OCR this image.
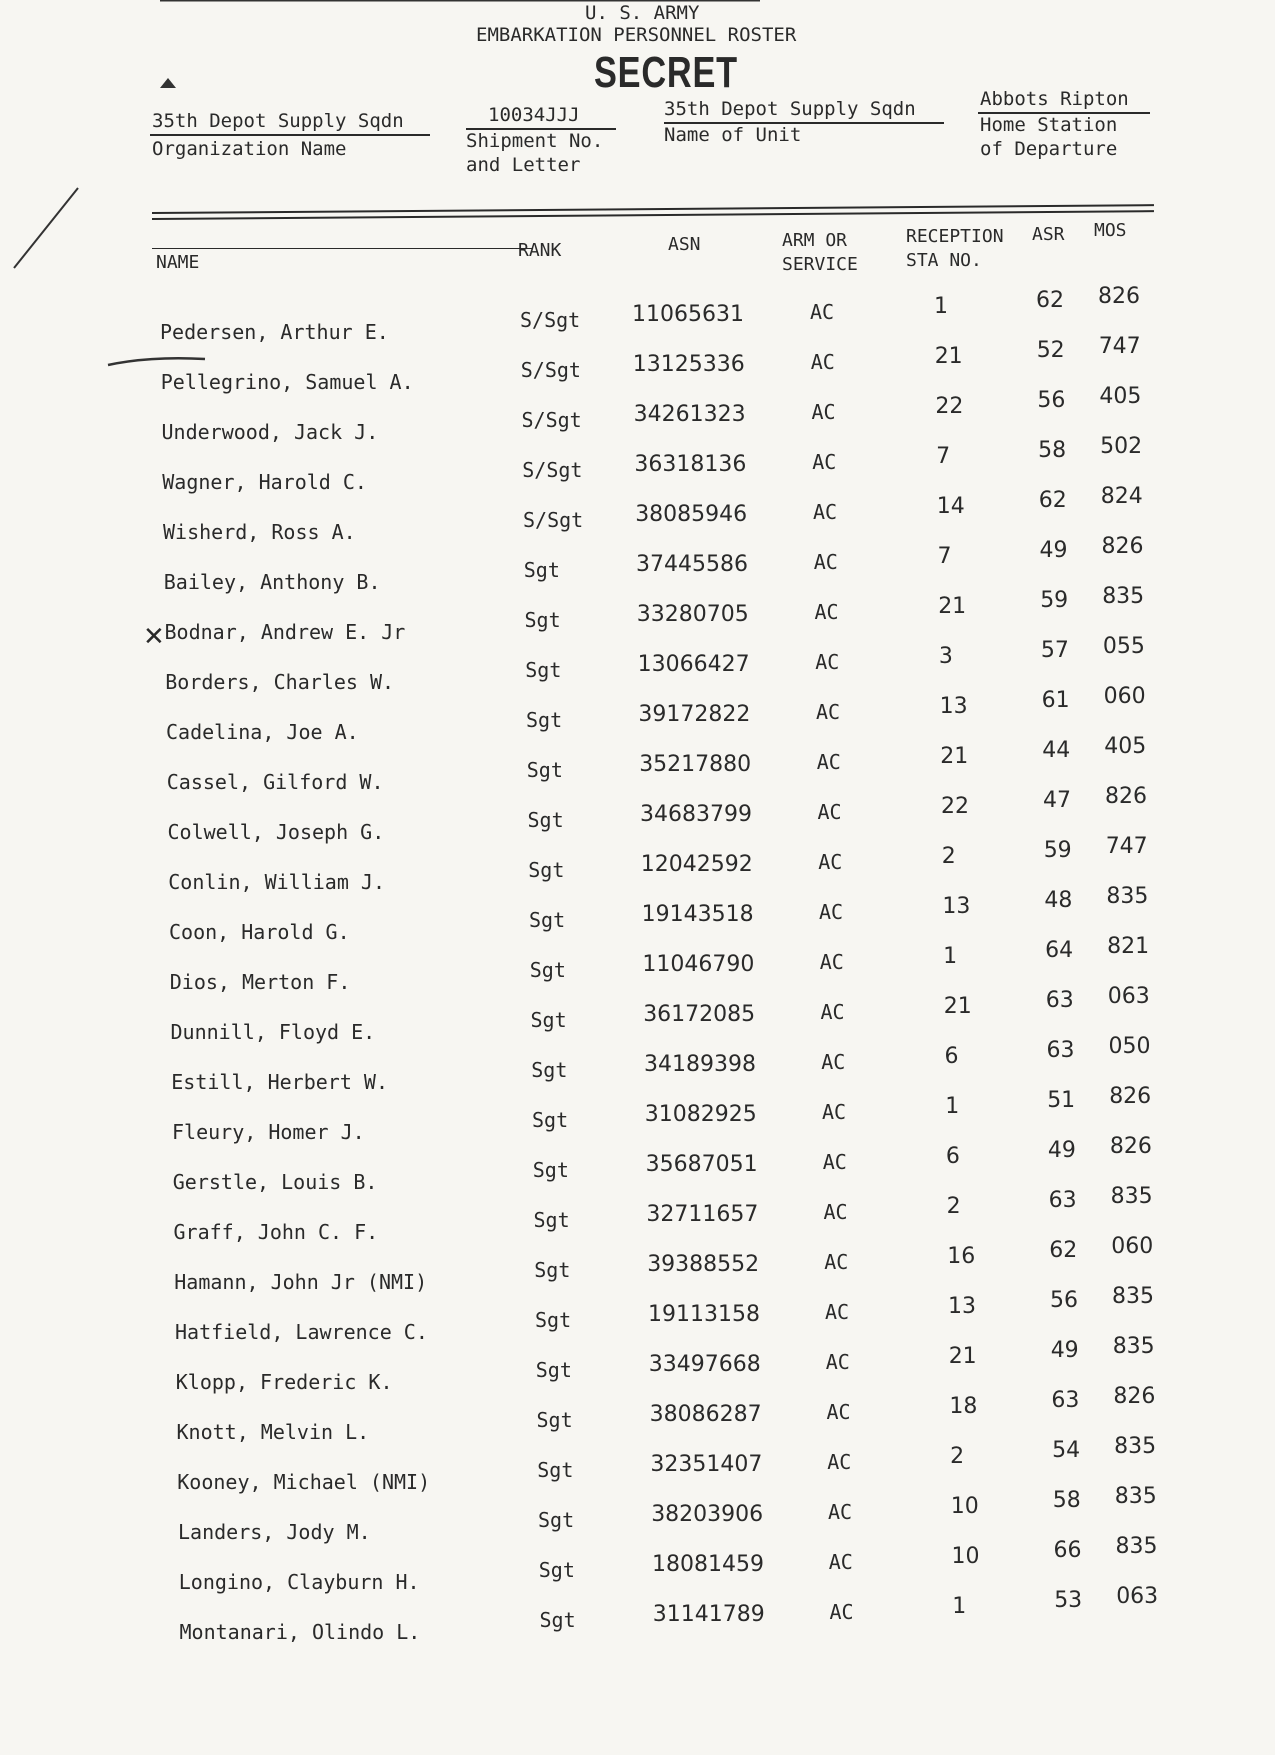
U. S. ARMY
EMBARKATION PERSONNEL ROSTER
SECRET
35th Depot Supply Sqdn
Organization Name
10034JJJ
Shipment No.
and Letter
35th Depot Supply Sqdn
Name of Unit
Abbots Ripton
Home Station
of Departure
NAME
RANK	ASN	ARM OR
SERVICE
RECEPTION
STA NO.
ASR MOS
✕
Pedersen, Arthur E.	S/Sgt 11065631	AC	1	62 826
Pellegrino, Samuel A.	S/Sgt 13125336	AC	21	52 747
Underwood, Jack J.	S/Sgt 34261323	AC	22	56 405
Wagner, Harold C.	S/Sgt 36318136	AC	7	58 502
Wisherd, Ross A.	S/Sgt 38085946	AC	14	62 824
Bailey, Anthony B.	Sgt	37445586	AC	7	49 826
Bodnar, Andrew E. Jr	Sgt	33280705	AC	21	59 835
Borders, Charles W.	Sgt	13066427	AC	3	57 055
Cadelina, Joe A.	Sgt	39172822	AC	13	61 060
Cassel, Gilford W.	Sgt	35217880	AC	21	44 405
Colwell, Joseph G.	Sgt	34683799	AC	22	47 826
Conlin, William J.	Sgt	12042592	AC	2	59 747
Coon, Harold G.	Sgt	19143518	AC	13	48 835
Dios, Merton F.	Sgt	11046790	AC	1	64 821
Dunnill, Floyd E.	Sgt	36172085	AC	21	63 063
Estill, Herbert W.	Sgt	34189398	AC	6	63 050
Fleury, Homer J.	Sgt	31082925	AC	1	51 826
Gerstle, Louis B.	Sgt	35687051	AC	6	49 826
Graff, John C. F.	Sgt	32711657	AC	2	63 835
Hamann, John Jr (NMI)	Sgt	39388552	AC	16	62 060
Hatfield, Lawrence C.	Sgt	19113158	AC	13	56 835
Klopp, Frederic K.	Sgt	33497668	AC	21	49 835
Knott, Melvin L.	Sgt	38086287	AC	18	63 826
Kooney, Michael (NMI)	Sgt	32351407	AC	2	54 835
Landers, Jody M.	Sgt	38203906	AC	10	58 835
Longino, Clayburn H.	Sgt	18081459	AC	10	66 835
Montanari, Olindo L.	Sgt	31141789	AC	1	53 063
